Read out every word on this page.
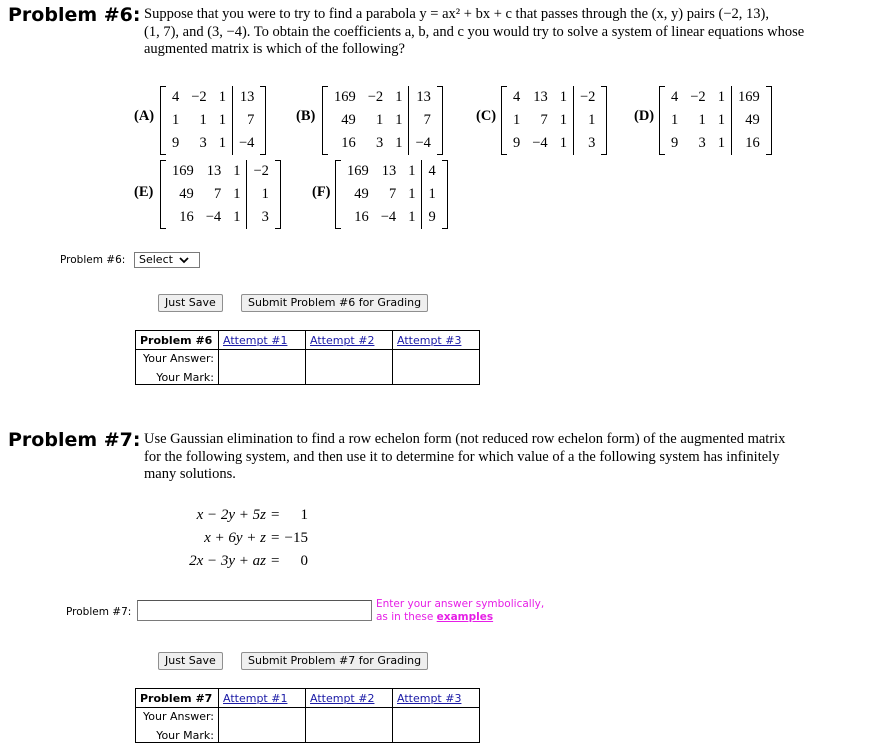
Problem #6: Suppose that you were to try to find a parabola y = ax² + bx + c that passes through the (x, y) pairs (−2, 13),
(1, 7), and (3, −4). To obtain the coefficients a, b, and c you would try to solve a system of linear equations whose
augmented matrix is which of the following?
(A)
4	−2	1	13
1	1	1	7
9	3	1	−4
(B)
169	−2	1	13
49	1	1	7
16	3	1	−4
(C)
4	13	1	−2
1	7	1	1
9	−4	1	3
(D)
4	−2	1	169
1	1	1	49
9	3	1	16
(E)
169	13	1	−2
49	7	1	1
16	−4	1	3
(F)
169	13	1	4
49	7	1	1
16	−4	1	9
Problem #6: Select
Just Save	Submit Problem #6 for Grading
Problem #6	Attempt #1	Attempt #2	Attempt #3

Your Answer:
Your Mark:			

Problem #7: Use Gaussian elimination to find a row echelon form (not reduced row echelon form) of the augmented matrix
for the following system, and then use it to determine for which value of a the following system has infinitely
many solutions.
x − 2y + 5z = 1
x + 6y + z = −15
2x − 3y + az = 0
Problem #7:
Enter your answer symbolically,
as in these examples
Just Save	Submit Problem #7 for Grading
Problem #7	Attempt #1	Attempt #2	Attempt #3

Your Answer:
Your Mark:			
